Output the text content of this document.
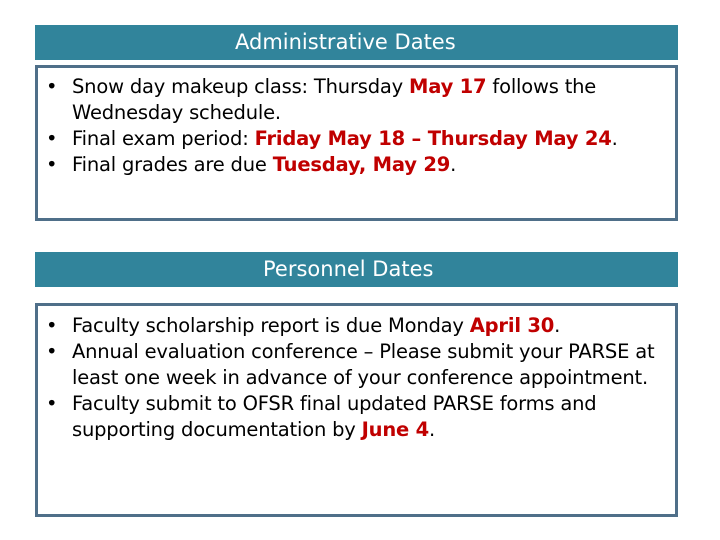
Administrative Dates
• Snow day makeup class: Thursday May 17 follows the Wednesday schedule.
• Final exam period: Friday May 18 – Thursday May 24.
• Final grades are due Tuesday, May 29.
Personnel Dates
• Faculty scholarship report is due Monday April 30.
• Annual evaluation conference – Please submit your PARSE at least one week in advance of your conference appointment.
• Faculty submit to OFSR final updated PARSE forms and supporting documentation by June 4.
